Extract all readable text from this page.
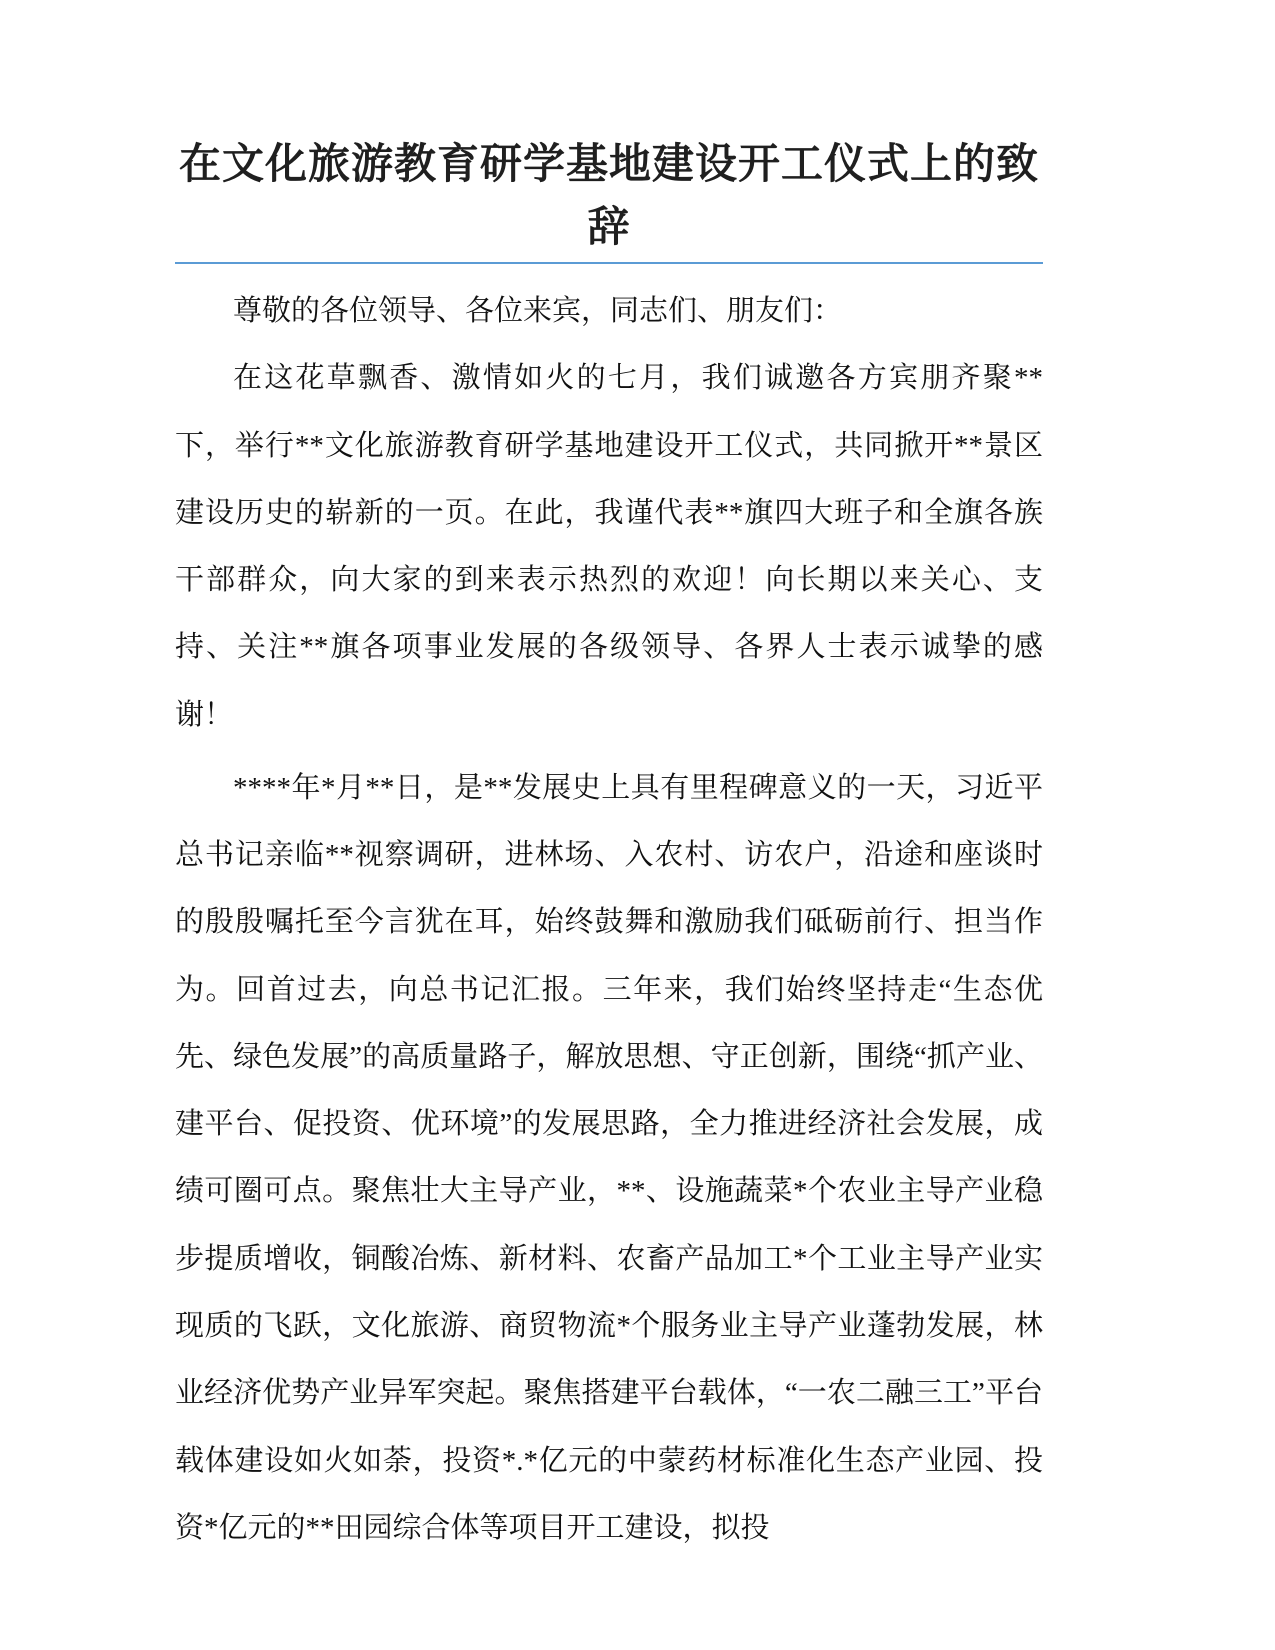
在文化旅游教育研学基地建设开工仪式上的致辞

尊敬的各位领导、各位来宾，同志们、朋友们：

在这花草飘香、激情如火的七月，我们诚邀各方宾朋齐聚**下，举行**文化旅游教育研学基地建设开工仪式，共同掀开**景区建设历史的崭新的一页。在此，我谨代表**旗四大班子和全旗各族干部群众，向大家的到来表示热烈的欢迎！向长期以来关心、支持、关注**旗各项事业发展的各级领导、各界人士表示诚挚的感谢！

****年*月**日，是**发展史上具有里程碑意义的一天，习近平总书记亲临**视察调研，进林场、入农村、访农户，沿途和座谈时的殷殷嘱托至今言犹在耳，始终鼓舞和激励我们砥砺前行、担当作为。回首过去，向总书记汇报。三年来，我们始终坚持走“生态优先、绿色发展”的高质量路子，解放思想、守正创新，围绕“抓产业、建平台、促投资、优环境”的发展思路，全力推进经济社会发展，成绩可圈可点。聚焦壮大主导产业，**、设施蔬菜*个农业主导产业稳步提质增收，铜酸冶炼、新材料、农畜产品加工*个工业主导产业实现质的飞跃，文化旅游、商贸物流*个服务业主导产业蓬勃发展，林业经济优势产业异军突起。聚焦搭建平台载体，“一农二融三工”平台载体建设如火如荼，投资*.*亿元的中蒙药材标准化生态产业园、投资*亿元的**田园综合体等项目开工建设，拟投
